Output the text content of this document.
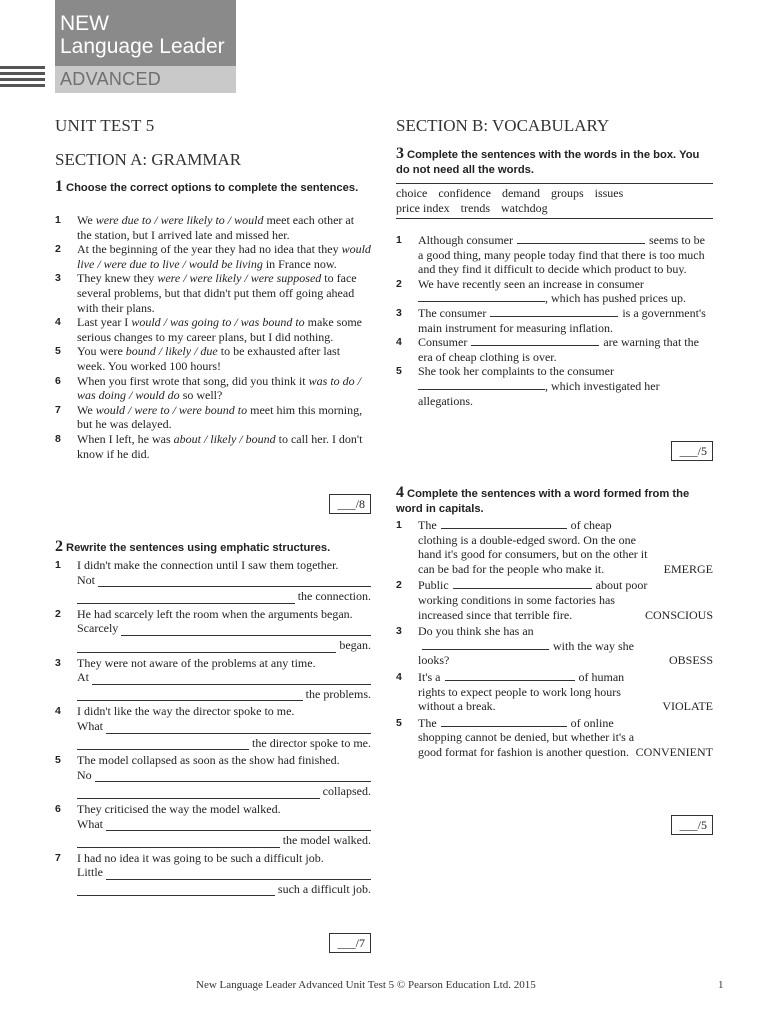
NEW
Language Leader
ADVANCED
UNIT TEST 5
SECTION A: GRAMMAR
1 Choose the correct options to complete the sentences.
1 We were due to / were likely to / would meet each other at the station, but I arrived late and missed her.
2 At the beginning of the year they had no idea that they would live / were due to live / would be living in France now.
3 They knew they were / were likely / were supposed to face several problems, but that didn't put them off going ahead with their plans.
4 Last year I would / was going to / was bound to make some serious changes to my career plans, but I did nothing.
5 You were bound / likely / due to be exhausted after last week. You worked 100 hours!
6 When you first wrote that song, did you think it was to do / was doing / would do so well?
7 We would / were to / were bound to meet him this morning, but he was delayed.
8 When I left, he was about / likely / bound to call her. I don't know if he did.
___/8
2 Rewrite the sentences using emphatic structures.
1 I didn't make the connection until I saw them together.
Not
the connection.
2 He had scarcely left the room when the arguments began.
Scarcely
began.
3 They were not aware of the problems at any time.
At
the problems.
4 I didn't like the way the director spoke to me.
What
the director spoke to me.
5 The model collapsed as soon as the show had finished.
No
collapsed.
6 They criticised the way the model walked.
What
the model walked.
7 I had no idea it was going to be such a difficult job.
Little
such a difficult job.
___/7
SECTION B: VOCABULARY
3 Complete the sentences with the words in the box. You do not need all the words.
choice confidence demand groups issues
price index trends watchdog
1 Although consumer	seems to be a good thing, many people today find that there is too much and they find it difficult to decide which product to buy.
2 We have recently seen an increase in consumer
, which has pushed prices up.
3 The consumer	is a government's main instrument for measuring inflation.
4 Consumer	are warning that the era of cheap clothing is over.
5 She took her complaints to the consumer
, which investigated her allegations.
___/5
4 Complete the sentences with a word formed from the word in capitals.
1 The	of cheap clothing is a double-edged sword. On the one hand it's good for consumers, but on the other it can be bad for the people who make it.	EMERGE
2 Public	about poor working conditions in some factories has increased since that terrible fire.	CONSCIOUS
3 Do you think she has anwith the way she looks?	OBSESS
4 It's a	of human rights to expect people to work long hours without a break.	VIOLATE
5 The	of online shopping cannot be denied, but whether it's a good format for fashion is another question. CONVENIENT
___/5
New Language Leader Advanced Unit Test 5 © Pearson Education Ltd. 2015	1
